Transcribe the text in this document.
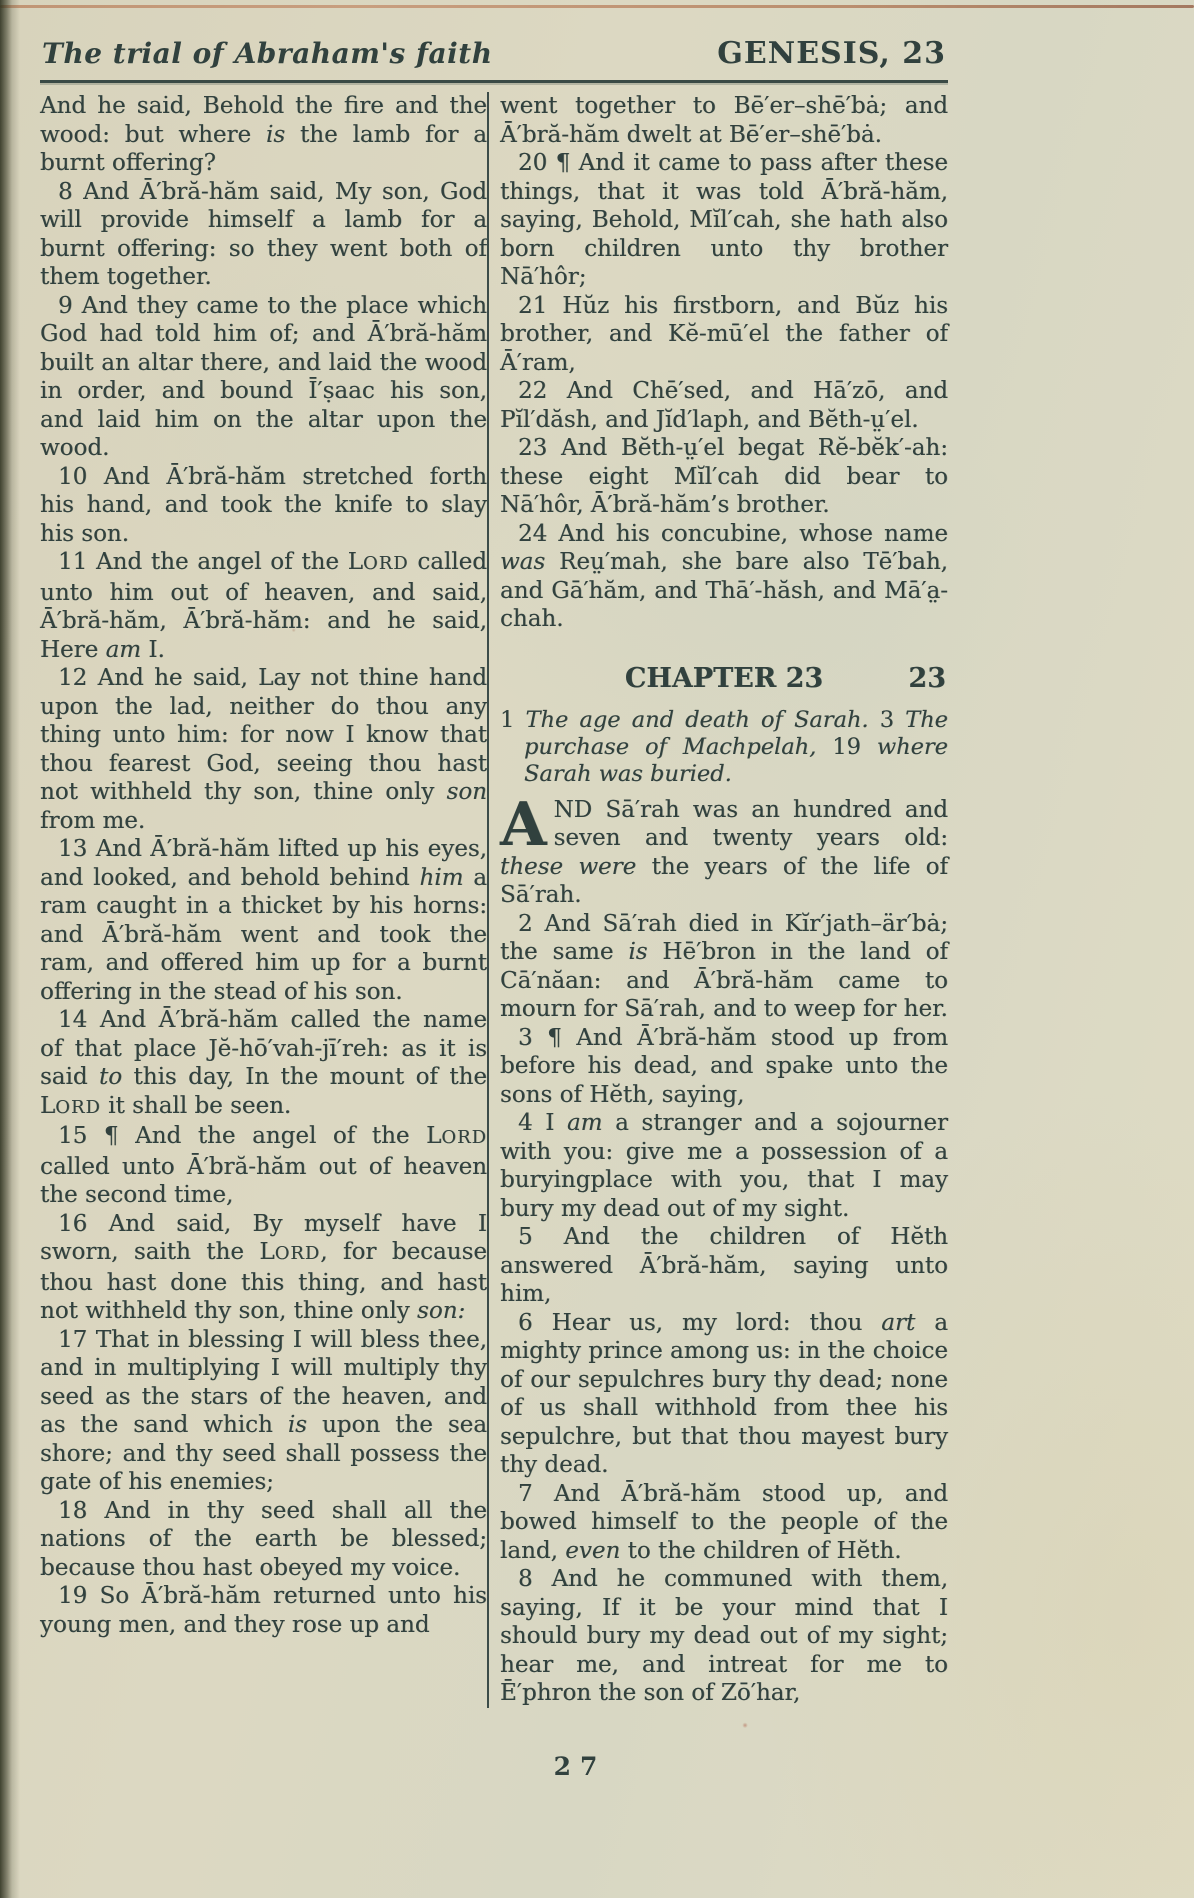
The trial of Abraham's faith	GENESIS, 23

And he said, Behold the fire and the wood: but where is the lamb for a burnt offering?

8 And Ā′bră-hăm said, My son, God will provide himself a lamb for a burnt offering: so they went both of them together.

9 And they came to the place which God had told him of; and Ā′bră-hăm built an altar there, and laid the wood in order, and bound Ī′ṣaac his son, and laid him on the altar upon the wood.

10 And Ā′bră-hăm stretched forth his hand, and took the knife to slay his son.

11 And the angel of the LORD called unto him out of heaven, and said, Ā′bră-hăm, Ā′bră-hăm: and he said, Here am I.

12 And he said, Lay not thine hand upon the lad, neither do thou any thing unto him: for now I know that thou fearest God, seeing thou hast not withheld thy son, thine only son from me.

13 And Ā′bră-hăm lifted up his eyes, and looked, and behold behind him a ram caught in a thicket by his horns: and Ā′bră-hăm went and took the ram, and offered him up for a burnt offering in the stead of his son.

14 And Ā′bră-hăm called the name of that place Jĕ-hō′vah-jī′reh: as it is said to this day, In the mount of the LORD it shall be seen.

15 ¶ And the angel of the LORD called unto Ā′bră-hăm out of heaven the second time,

16 And said, By myself have I sworn, saith the LORD, for because thou hast done this thing, and hast not withheld thy son, thine only son:

17 That in blessing I will bless thee, and in multiplying I will multiply thy seed as the stars of the heaven, and as the sand which is upon the sea shore; and thy seed shall possess the gate of his enemies;

18 And in thy seed shall all the nations of the earth be blessed; because thou hast obeyed my voice.

19 So Ā′bră-hăm returned unto his young men, and they rose up and

went together to Bē′er–shē′bȧ; and Ā′bră-hăm dwelt at Bē′er–shē′bȧ.

20 ¶ And it came to pass after these things, that it was told Ā′bră-hăm, saying, Behold, Mĭl′cah, she hath also born children unto thy brother Nā′hôr;

21 Hŭz his firstborn, and Bŭz his brother, and Kĕ-mū′el the father of Ā′ram,

22 And Chē′sed, and Hā′zō, and Pĭl′dăsh, and Jĭd′laph, and Bĕth-ṳ′el.

23 And Bĕth-ṳ′el begat Rĕ-bĕk′-ah: these eight Mĭl′cah did bear to Nā′hôr, Ā′bră-hăm’s brother.

24 And his concubine, whose name was Reṳ′mah, she bare also Tē′bah, and Gā′hăm, and Thā′-hăsh, and Mā′a̤-chah.

CHAPTER 23	23

1 The age and death of Sarah. 3 The purchase of Machpelah, 19 where Sarah was buried.

AND Sā′rah was an hundred and seven and twenty years old: these were the years of the life of Sā′rah.

2 And Sā′rah died in Kĭr′jath–är′bȧ; the same is Hē′bron in the land of Cā′năan: and Ā′bră-hăm came to mourn for Sā′rah, and to weep for her.

3 ¶ And Ā′bră-hăm stood up from before his dead, and spake unto the sons of Hĕth, saying,

4 I am a stranger and a sojourner with you: give me a possession of a buryingplace with you, that I may bury my dead out of my sight.

5 And the children of Hĕth answered Ā′bră-hăm, saying unto him,

6 Hear us, my lord: thou art a mighty prince among us: in the choice of our sepulchres bury thy dead; none of us shall withhold from thee his sepulchre, but that thou mayest bury thy dead.

7 And Ā′bră-hăm stood up, and bowed himself to the people of the land, even to the children of Hĕth.

8 And he communed with them, saying, If it be your mind that I should bury my dead out of my sight; hear me, and intreat for me to Ē′phron the son of Zō′har,

27
